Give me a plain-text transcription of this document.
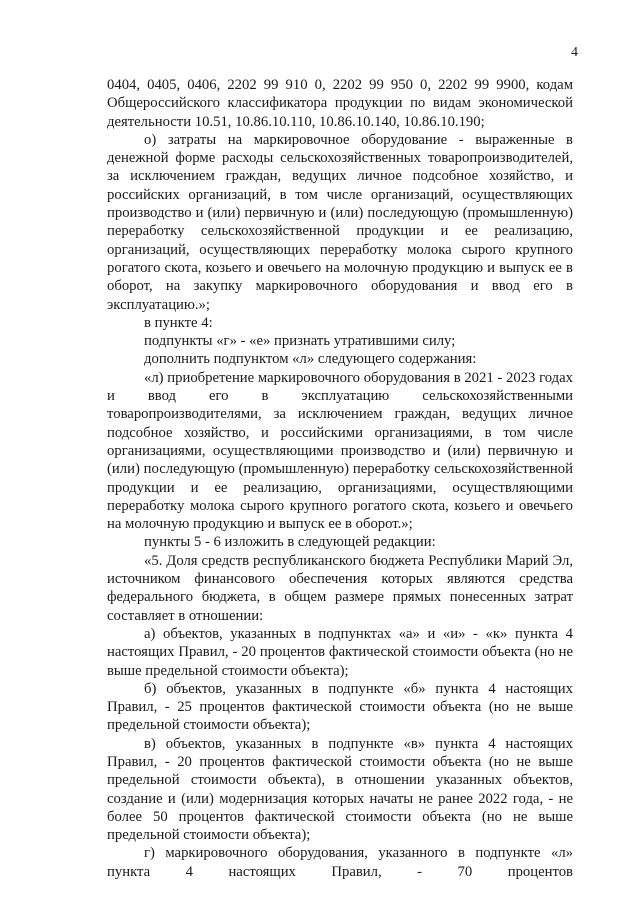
4

0404, 0405, 0406, 2202 99 910 0, 2202 99 950 0, 2202 99 9900, кодам Общероссийского классификатора продукции по видам экономической деятельности 10.51, 10.86.10.110, 10.86.10.140, 10.86.10.190;

о) затраты на маркировочное оборудование - выраженные в денежной форме расходы сельскохозяйственных товаропроизводителей, за исключением граждан, ведущих личное подсобное хозяйство, и российских организаций, в том числе организаций, осуществляющих производство и (или) первичную и (или) последующую (промышленную) переработку сельскохозяйственной продукции и ее реализацию, организаций, осуществляющих переработку молока сырого крупного рогатого скота, козьего и овечьего на молочную продукцию и выпуск ее в оборот, на закупку маркировочного оборудования и ввод его в эксплуатацию.»;

в пункте 4:

подпункты «г» - «е» признать утратившими силу;

дополнить подпунктом «л» следующего содержания:

«л) приобретение маркировочного оборудования в 2021 - 2023 годах и ввод его в эксплуатацию сельскохозяйственными товаропроизводителями, за исключением граждан, ведущих личное подсобное хозяйство, и российскими организациями, в том числе организациями, осуществляющими производство и (или) первичную и (или) последующую (промышленную) переработку сельскохозяйственной продукции и ее реализацию, организациями, осуществляющими переработку молока сырого крупного рогатого скота, козьего и овечьего на молочную продукцию и выпуск ее в оборот.»;

пункты 5 - 6 изложить в следующей редакции:

«5. Доля средств республиканского бюджета Республики Марий Эл, источником финансового обеспечения которых являются средства федерального бюджета, в общем размере прямых понесенных затрат составляет в отношении:

а) объектов, указанных в подпунктах «а» и «и» - «к» пункта 4 настоящих Правил, - 20 процентов фактической стоимости объекта (но не выше предельной стоимости объекта);

б) объектов, указанных в подпункте «б» пункта 4 настоящих Правил, - 25 процентов фактической стоимости объекта (но не выше предельной стоимости объекта);

в) объектов, указанных в подпункте «в» пункта 4 настоящих Правил, - 20 процентов фактической стоимости объекта (но не выше предельной стоимости объекта), в отношении указанных объектов, создание и (или) модернизация которых начаты не ранее 2022 года, - не более 50 процентов фактической стоимости объекта (но не выше предельной стоимости объекта);

г) маркировочного оборудования, указанного в подпункте «л» пункта 4 настоящих Правил, - 70 процентов
